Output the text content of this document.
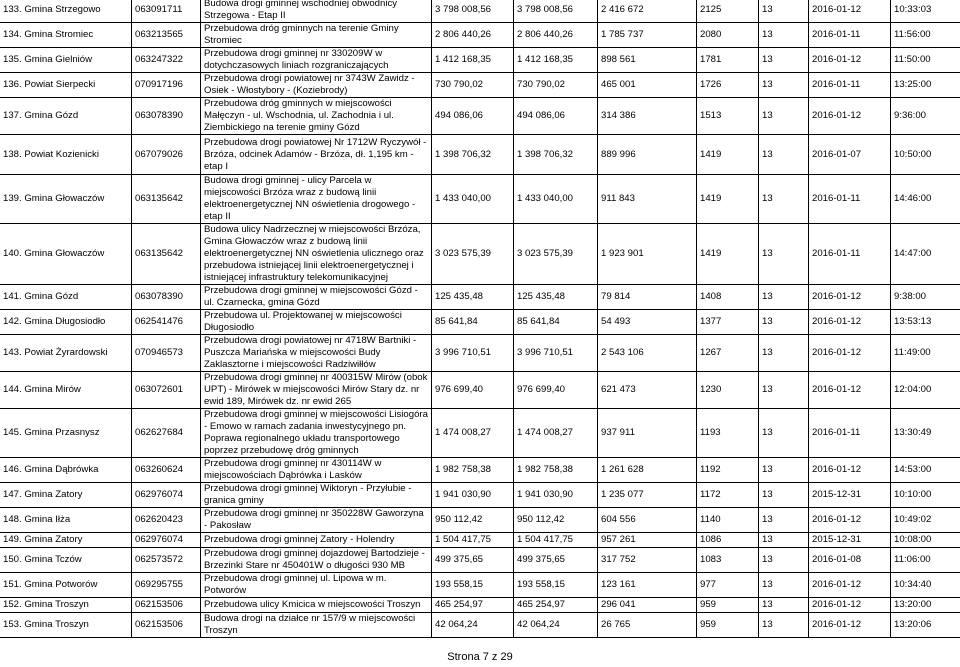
133. Gmina Strzegowo	063091711	Budowa drogi gminnej wschodniej obwodnicy Strzegowa - Etap II	3 798 008,56	3 798 008,56	2 416 672	2125	13	2016-01-12	10:33:03
134. Gmina Stromiec	063213565	Przebudowa dróg gminnych na terenie Gminy Stromiec	2 806 440,26	2 806 440,26	1 785 737	2080	13	2016-01-11	11:56:00
135. Gmina Gielniów	063247322	Przebudowa drogi gminnej nr 330209W w dotychczasowych liniach rozgraniczających	1 412 168,35	1 412 168,35	898 561	1781	13	2016-01-12	11:50:00
136. Powiat Sierpecki	070917196	Przebudowa drogi powiatowej nr 3743W Zawidz - Osiek - Włostybory - (Koziebrody)	730 790,02	730 790,02	465 001	1726	13	2016-01-11	13:25:00
137. Gmina Gózd	063078390	Przebudowa dróg gminnych w miejscowości Małęczyn - ul. Wschodnia, ul. Zachodnia i ul. Ziembickiego na terenie gminy Gózd	494 086,06	494 086,06	314 386	1513	13	2016-01-12	9:36:00
138. Powiat Kozienicki	067079026	Przebudowa drogi powiatowej Nr 1712W Ryczywół - Brzóza, odcinek Adamów - Brzóza, dł. 1,195 km - etap I	1 398 706,32	1 398 706,32	889 996	1419	13	2016-01-07	10:50:00
139. Gmina Głowaczów	063135642	Budowa drogi gminnej - ulicy Parcela w miejscowości Brzóza wraz z budową linii elektroenergetycznej NN oświetlenia drogowego - etap II	1 433 040,00	1 433 040,00	911 843	1419	13	2016-01-11	14:46:00
140. Gmina Głowaczów	063135642	Budowa ulicy Nadrzecznej w miejscowości Brzóza, Gmina Głowaczów wraz z budową linii elektroenergetycznej NN oświetlenia ulicznego oraz przebudowa istniejącej linii elektroenergetycznej i istniejącej infrastruktury telekomunikacyjnej	3 023 575,39	3 023 575,39	1 923 901	1419	13	2016-01-11	14:47:00
141. Gmina Gózd	063078390	Przebudowa drogi gminnej w miejscowości Gózd - ul. Czarnecka, gmina Gózd	125 435,48	125 435,48	79 814	1408	13	2016-01-12	9:38:00
142. Gmina Długosiodło	062541476	Przebudowa ul. Projektowanej w miejscowości Długosiodło	85 641,84	85 641,84	54 493	1377	13	2016-01-12	13:53:13
143. Powiat Żyrardowski	070946573	Przebudowa drogi powiatowej nr 4718W Bartniki - Puszcza Mariańska w miejscowości Budy Zaklasztorne i miejscowości Radziwiłłów	3 996 710,51	3 996 710,51	2 543 106	1267	13	2016-01-12	11:49:00
144. Gmina Mirów	063072601	Przebudowa drogi gminnej nr 400315W Mirów (obok UPT) - Mirówek w miejscowości Mirów Stary dz. nr ewid 189, Mirówek dz. nr ewid 265	976 699,40	976 699,40	621 473	1230	13	2016-01-12	12:04:00
145. Gmina Przasnysz	062627684	Przebudowa drogi gminnej w miejscowości Lisiogóra - Emowo w ramach zadania inwestycyjnego pn. Poprawa regionalnego układu transportowego poprzez przebudowę dróg gminnych	1 474 008,27	1 474 008,27	937 911	1193	13	2016-01-11	13:30:49
146. Gmina Dąbrówka	063260624	Przebudowa drogi gminnej nr 430114W w miejscowościach Dąbrówka i Lasków	1 982 758,38	1 982 758,38	1 261 628	1192	13	2016-01-12	14:53:00
147. Gmina Zatory	062976074	Przebudowa drogi gminnej Wiktoryn - Przyłubie - granica gminy	1 941 030,90	1 941 030,90	1 235 077	1172	13	2015-12-31	10:10:00
148. Gmina Iłża	062620423	Przebudowa drogi gminnej nr 350228W Gaworzyna - Pakosław	950 112,42	950 112,42	604 556	1140	13	2016-01-12	10:49:02
149. Gmina Zatory	062976074	Przebudowa drogi gminnej Zatory - Holendry	1 504 417,75	1 504 417,75	957 261	1086	13	2015-12-31	10:08:00
150. Gmina Tczów	062573572	Przebudowa drogi gminnej dojazdowej Bartodzieje - Brzezinki Stare nr 450401W o długości 930 MB	499 375,65	499 375,65	317 752	1083	13	2016-01-08	11:06:00
151. Gmina Potworów	069295755	Przebudowa drogi gminnej ul. Lipowa w m. Potworów	193 558,15	193 558,15	123 161	977	13	2016-01-12	10:34:40
152. Gmina Troszyn	062153506	Przebudowa ulicy Kmicica w miejscowości Troszyn	465 254,97	465 254,97	296 041	959	13	2016-01-12	13:20:00
153. Gmina Troszyn	062153506	Budowa drogi na działce nr 157/9 w miejscowości Troszyn	42 064,24	42 064,24	26 765	959	13	2016-01-12	13:20:06
Strona 7 z 29
